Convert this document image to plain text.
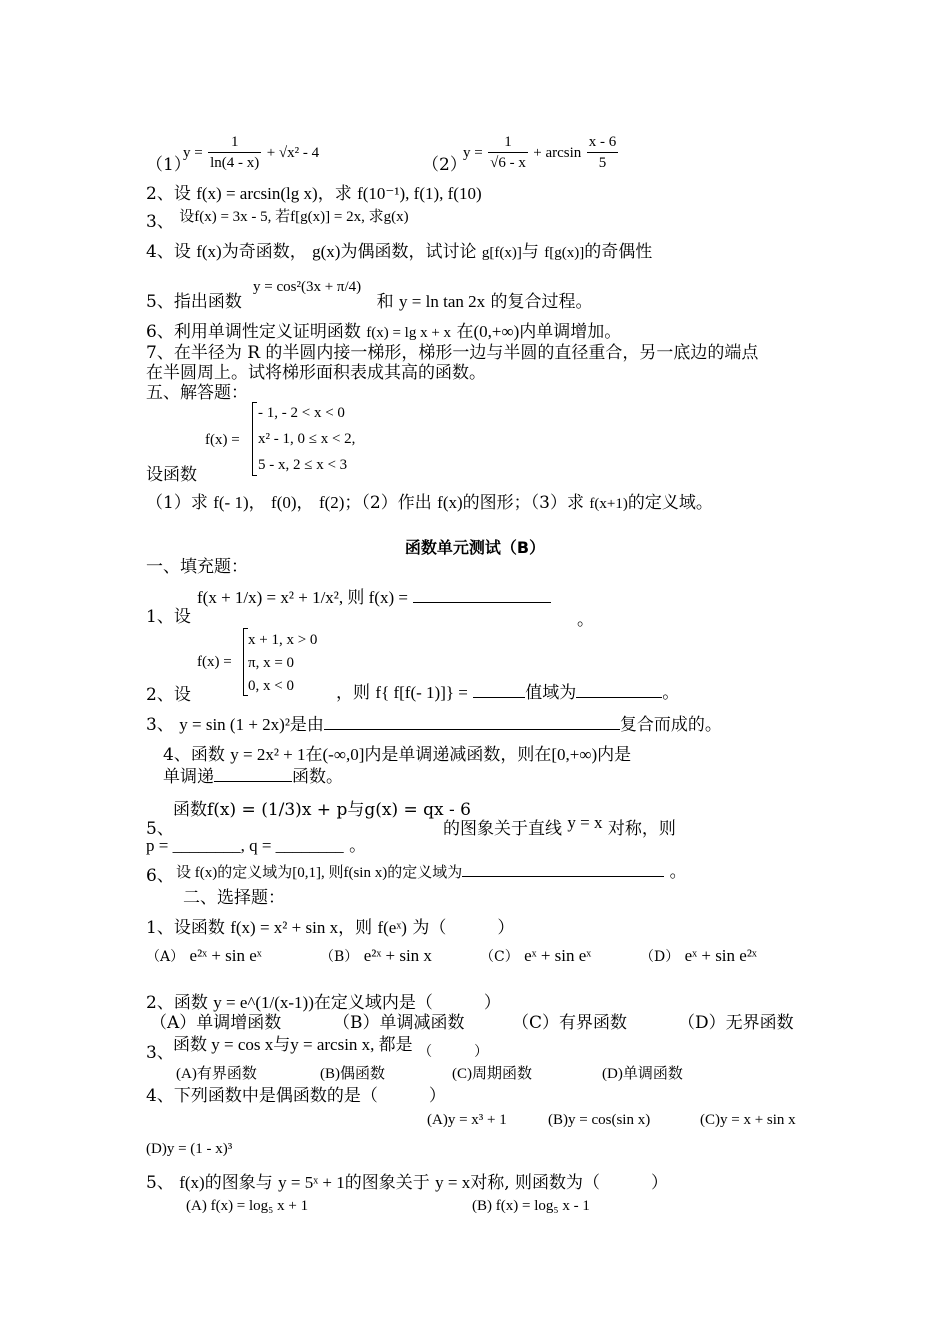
$y = \frac{1}{\ln(4 - x)} + √x^2 - 4$
（1）
$y = \frac{1}{√6 - x} + \arcsin \frac{x - 6}{5}$
（2）
2、设 f(x) = arcsin(lg x)，求 f(10⁻¹), f(1), f(10)
3、 设f(x) = 3x - 5, 若f[g(x)] = 2x, 求g(x)
4、设 f(x)为奇函数， g(x)为偶函数，试讨论 g[f(x)]与 f[g(x)]的奇偶性
y = cos²(3x + π/4)
5、指出函数	和 y = ln tan 2x 的复合过程。
6、利用单调性定义证明函数 f(x) = lg x + x 在(0,+∞)内单调增加。
7、在半径为 R 的半圆内接一梯形，梯形一边与半圆的直径重合，另一底边的端点
在半圆周上。试将梯形面积表成其高的函数。
五、解答题：
f(x) =
- 1, - 2 < x < 0
x² - 1, 0 ≤ x < 2,
5 - x, 2 ≤ x < 3
设函数
（1）求 f(- 1)， f(0)， f(2)；（2）作出 f(x)的图形；（3）求 f(x+1)的定义域。
函数单元测试（B）
一、填充题：
f(x + 1/x) = x² + 1/x², 则 f(x) =
1、设	。
f(x) =
x + 1, x > 0
π, x = 0
0, x < 0
2、设	，则 f{ f[f(- 1)]} =	值域为	。
3、 y = sin (1 + 2x)²是由	复合而成的。
4、函数 y = 2x² + 1在(-∞,0]内是单调递减函数，则在[0,+∞)内是
单调递	函数。
函数f(x) = (1/3)x + p与g(x) = qx - 6
5、	的图象关于直线 y = x 对称，则
p = ________, q = ________ 。
6、 设 f(x)的定义域为[0,1], 则f(sin x)的定义域为	。
二、选择题：
1、设函数 f(x) = x² + sin x，则 f(eˣ) 为（　　　）
（A） e²ˣ + sin eˣ	（B） e²ˣ + sin x	（C） eˣ + sin eˣ	（D） eˣ + sin e²ˣ
2、函数 y = e^(1/(x-1))在定义域内是（　　　）
（A）单调增函数	（B）单调减函数	（C）有界函数	（D）无界函数
3、 函数 y = cos x与y = arcsin x, 都是 $_{( )}$
(A)有界函数	(B)偶函数	(C)周期函数	(D)单调函数
4、下列函数中是偶函数的是（　　　）
(A)y = x³ + 1	(B)y = cos(sin x)	(C)y = x + sin x
(D)y = (1 - x)³
5、 f(x)的图象与 y = 5ˣ + 1的图象关于 y = x对称, 则函数为（　　　）
(A) f(x) = log₅ x + 1	(B) f(x) = log₅ x - 1
